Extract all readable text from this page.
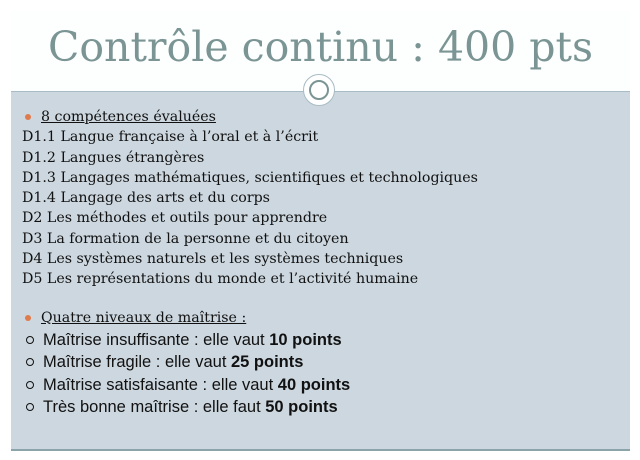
Contrôle continu : 400 pts
8 compétences évaluées
D1.1 Langue française à l’oral et à l’écrit
D1.2 Langues étrangères
D1.3 Langages mathématiques, scientifiques et technologiques
D1.4 Langage des arts et du corps
D2 Les méthodes et outils pour apprendre
D3 La formation de la personne et du citoyen
D4 Les systèmes naturels et les systèmes techniques
D5 Les représentations du monde et l’activité humaine
Quatre niveaux de maîtrise :
Maîtrise insuffisante : elle vaut 10 points
Maîtrise fragile : elle vaut 25 points
Maîtrise satisfaisante : elle vaut 40 points
Très bonne maîtrise : elle faut 50 points
